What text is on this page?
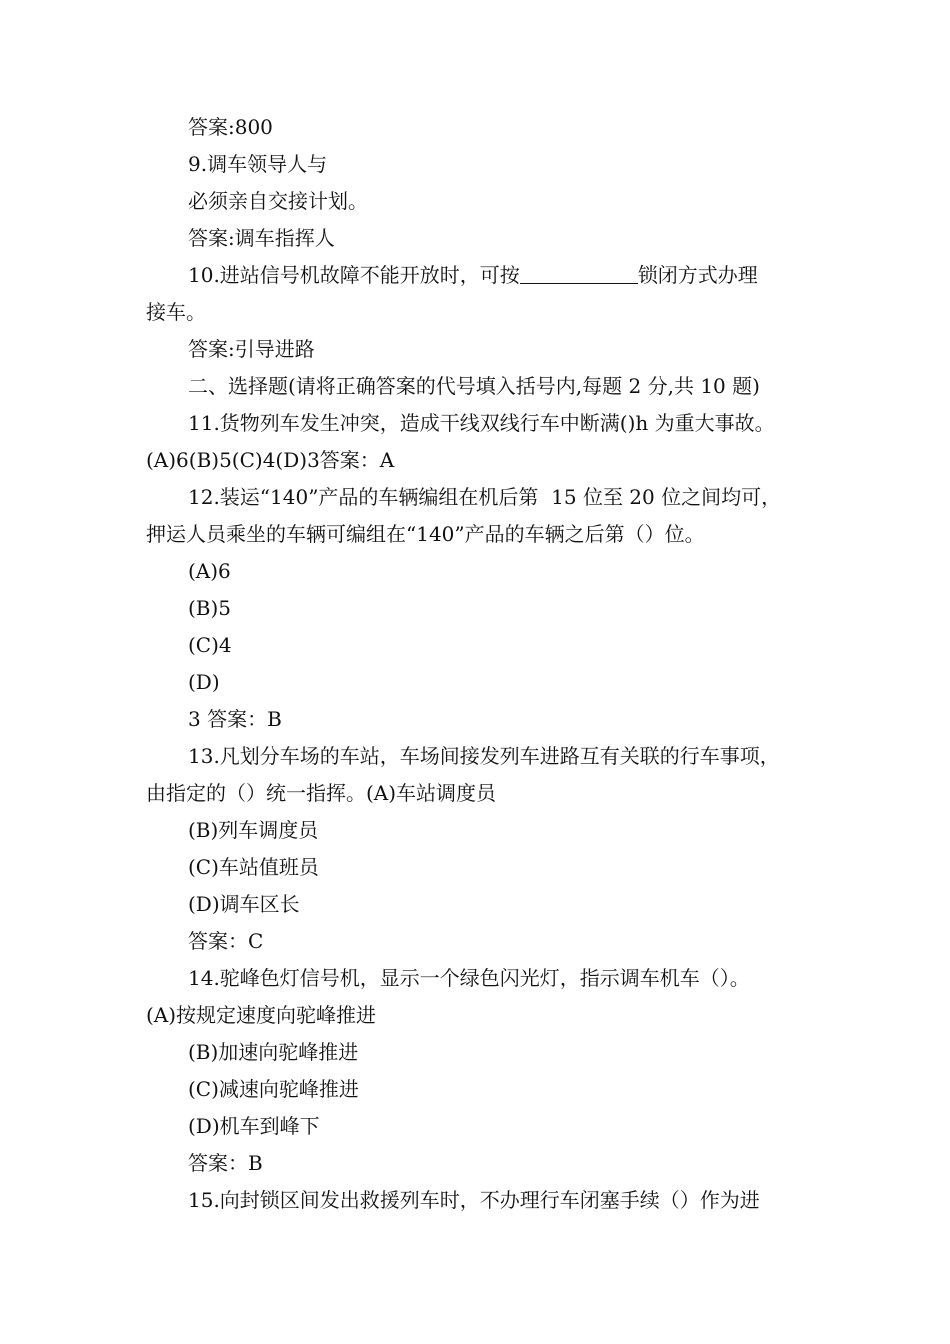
答案:800
9.调车领导人与
必须亲自交接计划。
答案:调车指挥人
10.进站信号机故障不能开放时，可按	锁闭方式办理
接车。
答案:引导进路
二、选择题(请将正确答案的代号填入括号内,每题 2 分,共 10 题)
11.货物列车发生冲突，造成干线双线行车中断满()h 为重大事故。
(A)6(B)5(C)4(D)3答案：A
12.装运“140”产品的车辆编组在机后第  15 位至 20 位之间均可，
押运人员乘坐的车辆可编组在“140”产品的车辆之后第（）位。
(A)6
(B)5
(C)4
(D)
3 答案：B
13.凡划分车场的车站，车场间接发列车进路互有关联的行车事项，
由指定的（）统一指挥。(A)车站调度员
(B)列车调度员
(C)车站值班员
(D)调车区长
答案：C
14.驼峰色灯信号机，显示一个绿色闪光灯，指示调车机车（）。
(A)按规定速度向驼峰推进
(B)加速向驼峰推进
(C)减速向驼峰推进
(D)机车到峰下
答案：B
15.向封锁区间发出救援列车时，不办理行车闭塞手续（）作为进
